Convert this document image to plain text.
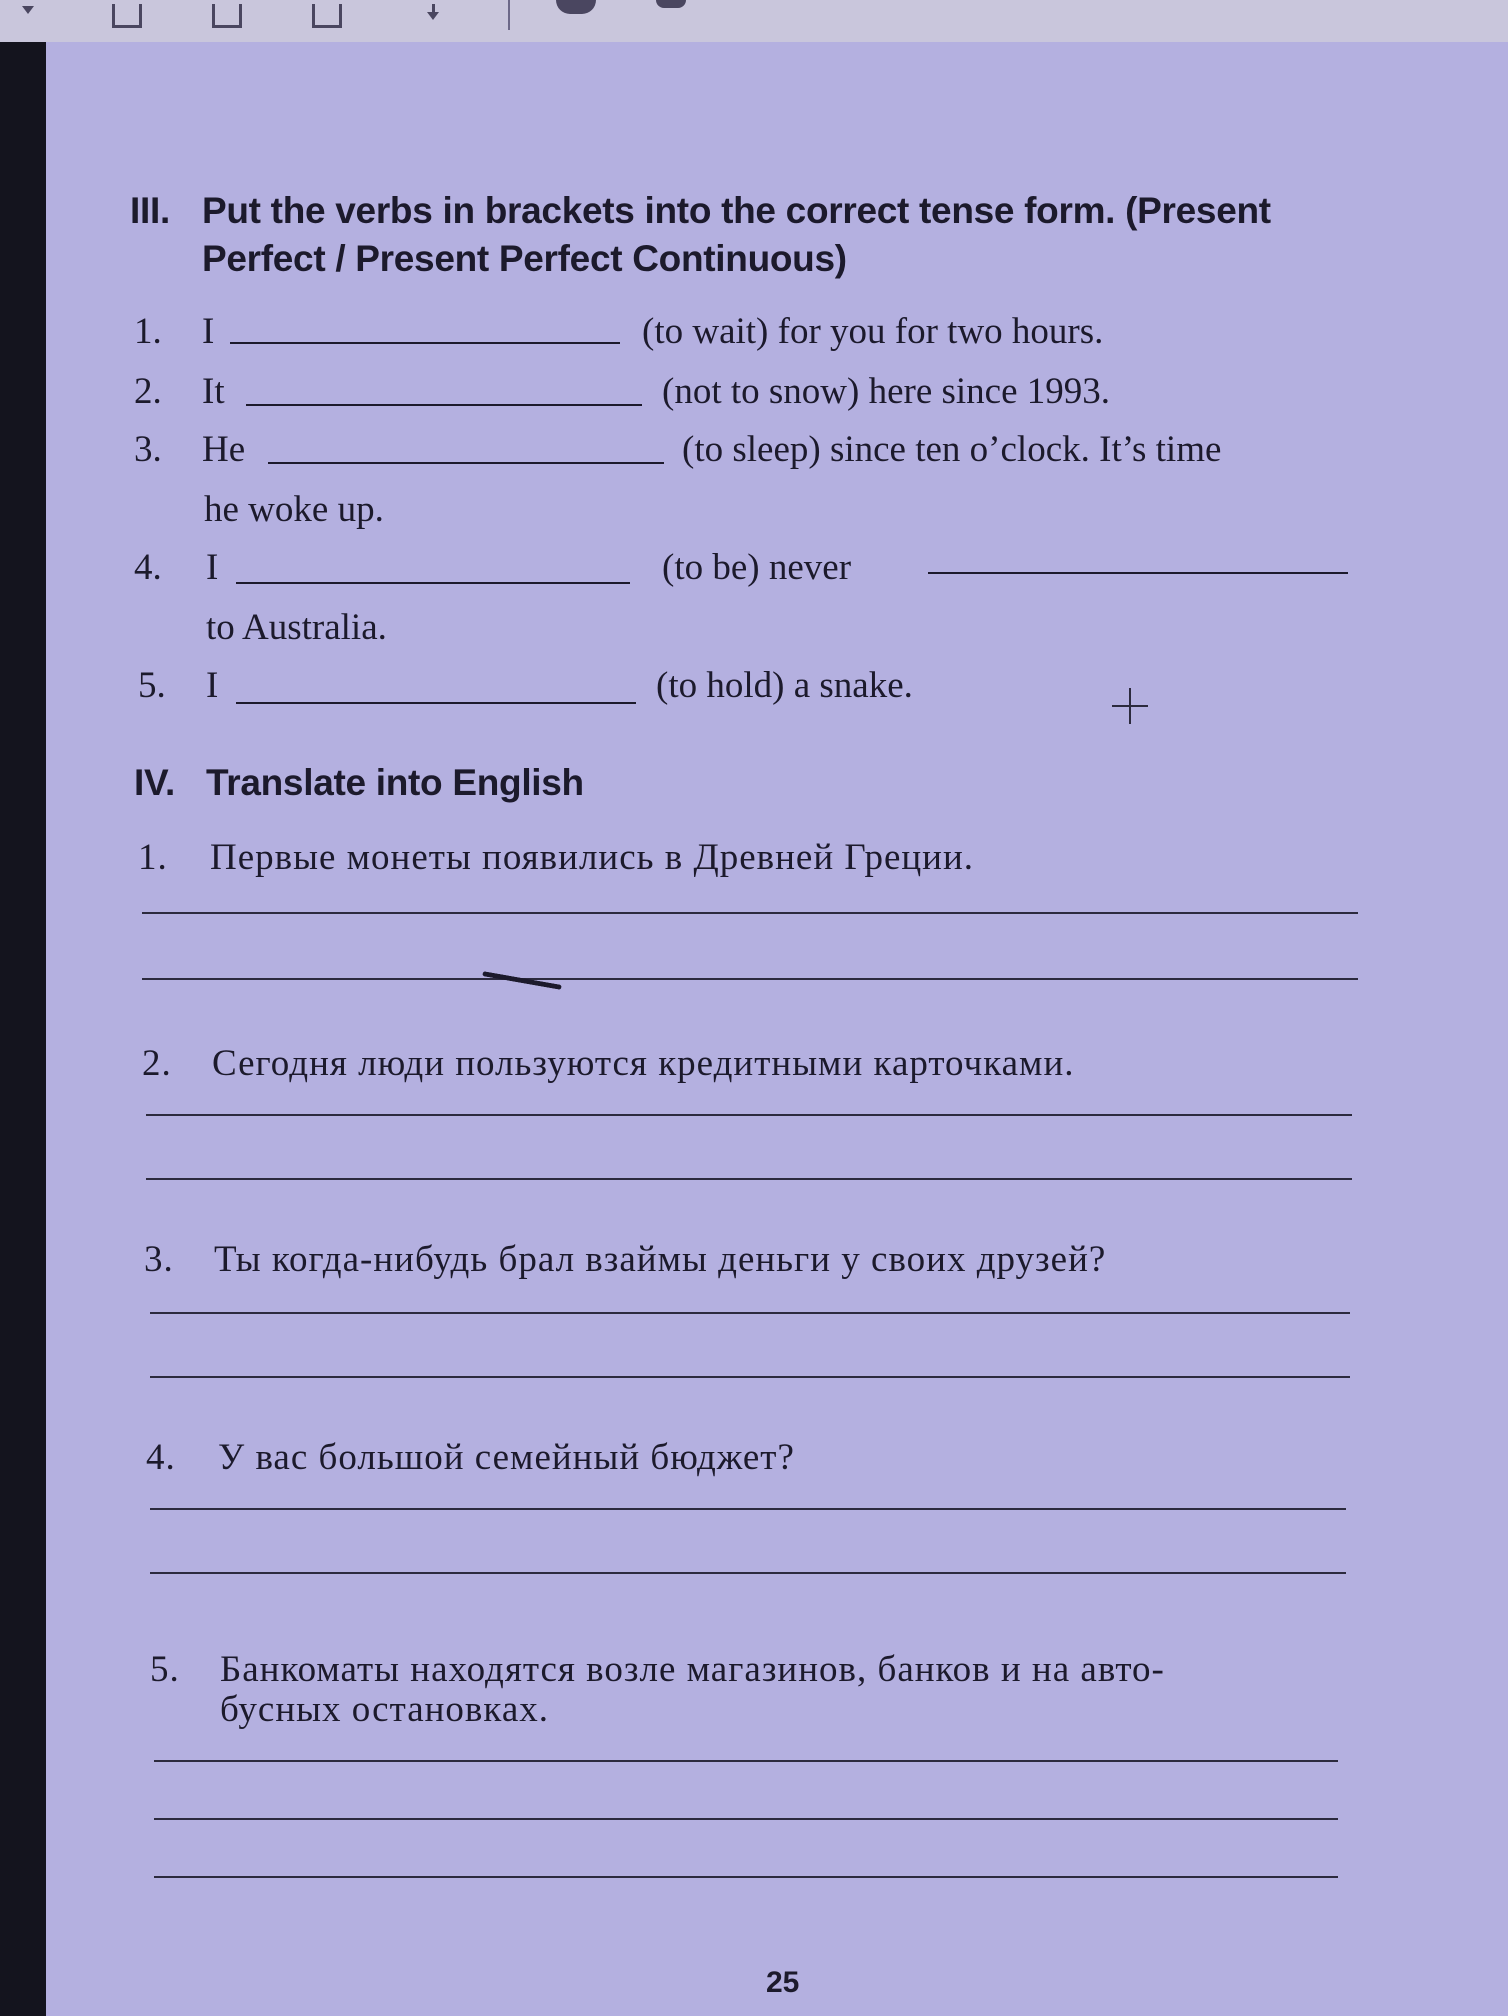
III. Put the verbs in brackets into the correct tense form. (Present
Perfect / Present Perfect Continuous)
1. I	(to wait) for you for two hours.
2. It	(not to snow) here since 1993.
3. He	(to sleep) since ten o’clock. It’s time
he woke up.
4. I	(to be) never
to Australia.
5. I	(to hold) a snake.
IV. Translate into English
1. Первые монеты появились в Древней Греции.
2. Сегодня люди пользуются кредитными карточками.
3. Ты когда-нибудь брал взаймы деньги у своих друзей?
4. У вас большой семейный бюджет?
5. Банкоматы находятся возле магазинов, банков и на авто-
бусных остановках.
25
